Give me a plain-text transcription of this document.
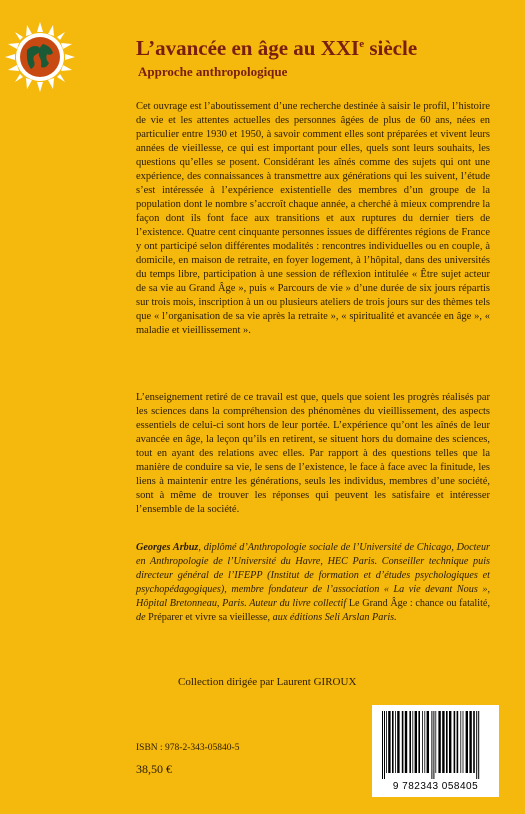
L’avancée en âge au XXIe siècle
Approche anthropologique

Cet ouvrage est l’aboutissement d’une recherche destinée à saisir le profil, l’histoire de vie et les attentes actuelles des personnes âgées de plus de 60 ans, nées en particulier entre 1930 et 1950, à savoir comment elles sont préparées et vivent leurs années de vieillesse, ce qui est important pour elles, quels sont leurs souhaits, les questions qu’elles se posent. Considérant les aînés comme des sujets qui ont une expérience, des connaissances à transmettre aux générations qui les suivent, l’étude s’est intéressée à l’expérience existentielle des membres d’un groupe de la population dont le nombre s’accroît chaque année, a cherché à mieux comprendre la façon dont ils font face aux transitions et aux ruptures du dernier tiers de l’existence. Quatre cent cinquante personnes issues de différentes régions de France y ont participé selon différentes modalités : rencontres individuelles ou en couple, à domicile, en maison de retraite, en foyer logement, à l’hôpital, dans des universités du temps libre, participation à une session de réflexion intitulée « Être sujet acteur de sa vie au Grand Âge », puis « Parcours de vie » d’une durée de six jours répartis sur trois mois, inscription à un ou plusieurs ateliers de trois jours sur des thèmes tels que « l’organisation de sa vie après la retraite », « spiritualité et avancée en âge », « maladie et vieillissement ».

L’enseignement retiré de ce travail est que, quels que soient les progrès réalisés par les sciences dans la compréhension des phénomènes du vieillissement, des aspects essentiels de celui-ci sont hors de leur portée. L’expérience qu’ont les aînés de leur avancée en âge, la leçon qu’ils en retirent, se situent hors du domaine des sciences, tout en ayant des relations avec elles. Par rapport à des questions telles que la manière de conduire sa vie, le sens de l’existence, le face à face avec la finitude, les liens à maintenir entre les générations, seuls les individus, membres d’une société, sont à même de trouver les réponses qui peuvent les satisfaire et intéresser l’ensemble de la société.

Georges Arbuz, diplômé d’Anthropologie sociale de l’Université de Chicago, Docteur en Anthropologie de l’Université du Havre, HEC Paris. Conseiller technique puis directeur général de l’IFEPP (Institut de formation et d’études psychologiques et psychopédagogiques), membre fondateur de l’association « La vie devant Nous », Hôpital Bretonneau, Paris. Auteur du livre collectif Le Grand Âge : chance ou fatalité, de Préparer et vivre sa vieillesse, aux éditions Seli Arslan Paris.

Collection dirigée par Laurent GIROUX

ISBN : 978-2-343-05840-5

38,50 €

9 782343 058405
